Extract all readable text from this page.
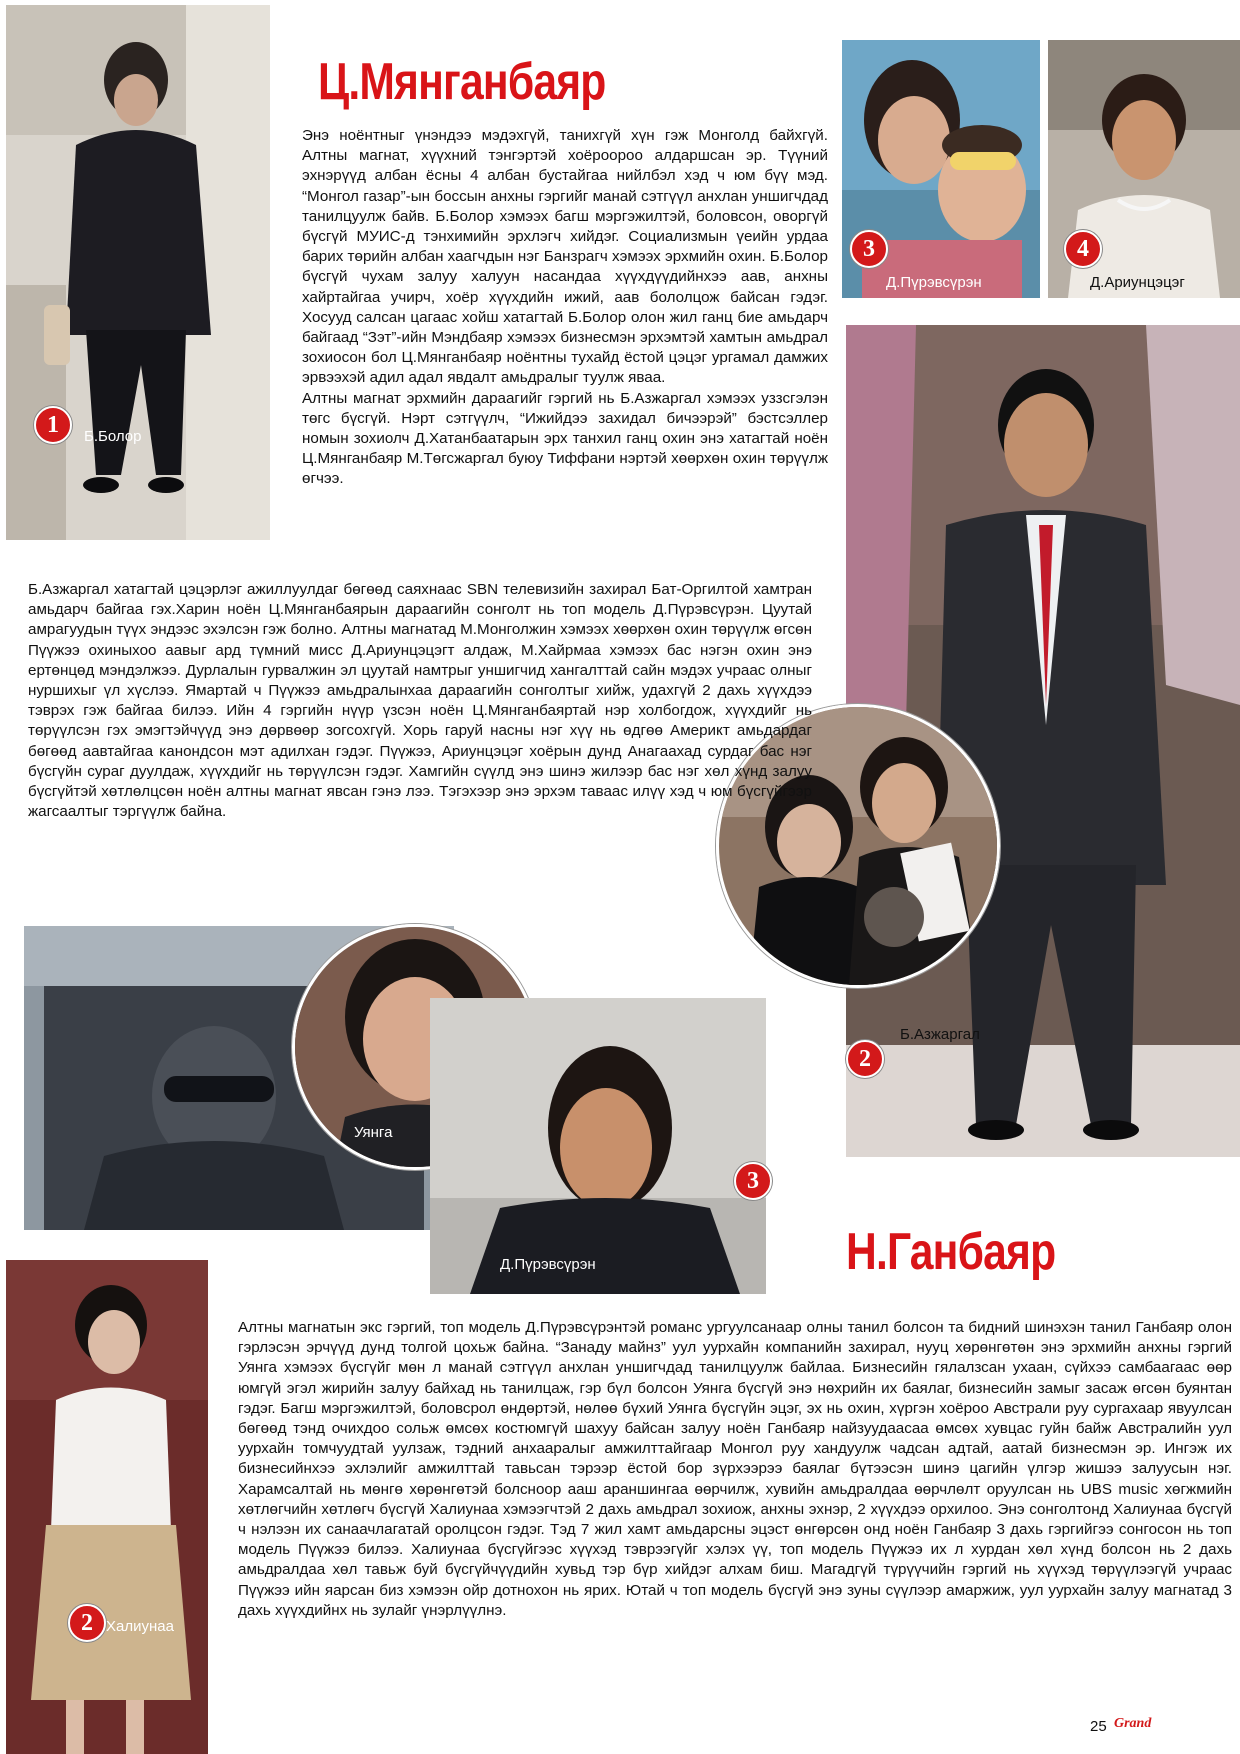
Ц.Мянганбаяр
Н.Ганбаяр
1	Б.Болор
3
Д.Пүрэвсүрэн
4
Д.Ариунцэцэг
2
Б.Азжаргал
Уянга
3
Д.Пүрэвсүрэн
2 Халиунаа

Энэ ноёнтныг үнэндээ мэдэхгүй, танихгүй хүн гэж Монголд байхгүй. Алтны магнат, хүүхний тэнгэртэй хоёроороо алдаршсан эр. Түүний эхнэрүүд албан ёсны 4 албан бустайгаа нийлбэл хэд ч юм бүү мэд. “Монгол газар”-ын боссын анхны гэргийг манай сэтгүүл анхлан уншигчдад танилцуулж байв. Б.Болор хэмээх багш мэргэжилтэй, боловсон, оворгүй бүсгүй МУИС-д тэнхимийн эрхлэгч хийдэг. Социализмын үеийн урдаа барих төрийн албан хаагчдын нэг Банзрагч хэмээх эрхмийн охин. Б.Болор бүсгүй чухам залуу халуун насандаа хүүхдүүдийнхээ аав, анхны хайртайгаа учирч, хоёр хүүхдийн ижий, аав бололцож байсан гэдэг. Хосууд салсан цагаас хойш хатагтай Б.Болор олон жил ганц бие амьдарч байгаад “Зэт”-ийн Мэндбаяр хэмээх бизнесмэн эрхэмтэй хамтын амьдрал зохиосон бол Ц.Мянганбаяр ноёнтны тухайд ёстой цэцэг ургамал дамжих эрвээхэй адил адал явдалт амьдралыг туулж яваа.

Алтны магнат эрхмийн дараагийг гэргий нь Б.Азжаргал хэмээх уззсгэлэн төгс бүсгүй. Нэрт сэтгүүлч, “Ижийдээ захидал бичээрэй” бэстсэллер номын зохиолч Д.Хатанбаатарын эрх танхил ганц охин энэ хатагтай ноён Ц.Мянганбаяр М.Төгсжаргал буюу Тиффани нэртэй хөөрхөн охин төрүүлж өгчээ.

Б.Азжаргал хатагтай цэцэрлэг ажиллуулдаг бөгөөд саяхнаас SBN телевизийн захирал Бат-Оргилтой хамтран амьдарч байгаа гэх.Харин ноён Ц.Мянганбаярын дараагийн сонголт нь топ модель Д.Пүрэвсүрэн. Цуутай амрагуудын түүх эндээс эхэлсэн гэж болно. Алтны магнатад М.Монголжин хэмээх хөөрхөн охин төрүүлж өгсөн Пүүжээ охиныхоо аавыг ард түмний мисс Д.Ариунцэцэгт алдаж, М.Хайрмаа хэмээх бас нэгэн охин энэ ертөнцөд мэндэлжээ. Дурлалын гурвалжин эл цуутай намтрыг уншигчид хангалттай сайн мэдэх учраас олныг нуршихыг үл хүслээ. Ямартай ч Пүүжээ амьдралынхаа дараагийн сонголтыг хийж, удахгүй 2 дахь хүүхдээ тэврэх гэж байгаа билээ. Ийн 4 гэргийн нүүр үзсэн ноён Ц.Мянганбаяртай нэр холбогдож, хүүхдийг нь төрүүлсэн гэх эмэгтэйчүүд энэ дөрвөөр зогсохгүй. Хорь гаруй насны нэг хүү нь өдгөө Америкт амьдардаг бөгөөд аавтайгаа канондсон мэт адилхан гэдэг. Пүүжээ, Ариунцэцэг хоёрын дунд Анагаахад сурдаг бас нэг бүсгүйн сураг дуулдаж, хүүхдийг нь төрүүлсэн гэдэг. Хамгийн сүүлд энэ шинэ жилээр бас нэг хөл хүнд залуу бүсгүйтэй хөтлөлцсөн ноён алтны магнат явсан гэнэ лээ. Тэгэхээр энэ эрхэм таваас илүү хэд ч юм бүсгүйгээр жагсаалтыг тэргүүлж байна.

Алтны магнатын экс гэргий, топ модель Д.Пүрэвсүрэнтэй романс ургуулсанаар олны танил болсон та бидний шинэхэн танил Ганбаяр олон гэрлэсэн эрчүүд дунд толгой цохьж байна. “Занаду майнз” уул уурхайн компанийн захирал, нууц хөрөнгөтөн энэ эрхмийн анхны гэргий Уянга хэмээх бүсгүйг мөн л манай сэтгүүл анхлан уншигчдад танилцуулж байлаа. Бизнесийн гялалзсан ухаан, сүйхээ самбаагаас өөр юмгүй эгэл жирийн залуу байхад нь танилцаж, гэр бүл болсон Уянга бүсгүй энэ нөхрийн их баялаг, бизнесийн замыг засаж өгсөн буянтан гэдэг. Багш мэргэжилтэй, боловсрол өндөртэй, нөлөө бүхий Уянга бүсгүйн эцэг, эх нь охин, хүргэн хоёроо Австрали руу сургахаар явуулсан бөгөөд тэнд очихдоо сольж өмсөх костюмгүй шахуу байсан залуу ноён Ганбаяр найзуудаасаа өмсөх хувцас гуйн байж Австралийн уул уурхайн томчуудтай уулзаж, тэдний анхааралыг амжилттайгаар Монгол руу хандуулж чадсан адтай, аатай бизнесмэн эр. Ингэж их бизнесийнхээ эхлэлийг амжилттай тавьсан тэрээр ёстой бор зүрхээрээ баялаг бүтээсэн шинэ цагийн үлгэр жишээ залуусын нэг. Харамсалтай нь мөнгө хөрөнгөтэй болсноор ааш араншингаа өөрчилж, хувийн амьдралдаа өөрчлөлт оруулсан нь UBS music хөгжмийн хөтлөгчийн хөтлөгч бүсгүй Халиунаа хэмээгчтэй 2 дахь амьдрал зохиож, анхны эхнэр, 2 хүүхдээ орхилоо. Энэ сонголтонд Халиунаа бүсгүй ч нэлээн их санаачлагатай оролцсон гэдэг. Тэд 7 жил хамт амьдарсны эцэст өнгөрсөн онд ноён Ганбаяр 3 дахь гэргийгээ сонгосон нь топ модель Пүүжээ билээ. Халиунаа бүсгүйгээс хүүхэд тэврээгүйг хэлэх үү, топ модель Пүүжээ их л хурдан хөл хүнд болсон нь 2 дахь амьдралдаа хөл тавьж буй бүсгүйчүүдийн хувьд тэр бүр хийдэг алхам биш. Магадгүй түрүүчийн гэргий нь хүүхэд төрүүлээгүй учраас Пүүжээ ийн яарсан биз хэмээн ойр дотнохон нь ярих. Ютай ч топ модель бүсгүй энэ зуны сүүлээр амаржиж, уул уурхайн залуу магнатад 3 дахь хүүхдийнх нь зулайг үнэрлүүлнэ.

25 Grand
